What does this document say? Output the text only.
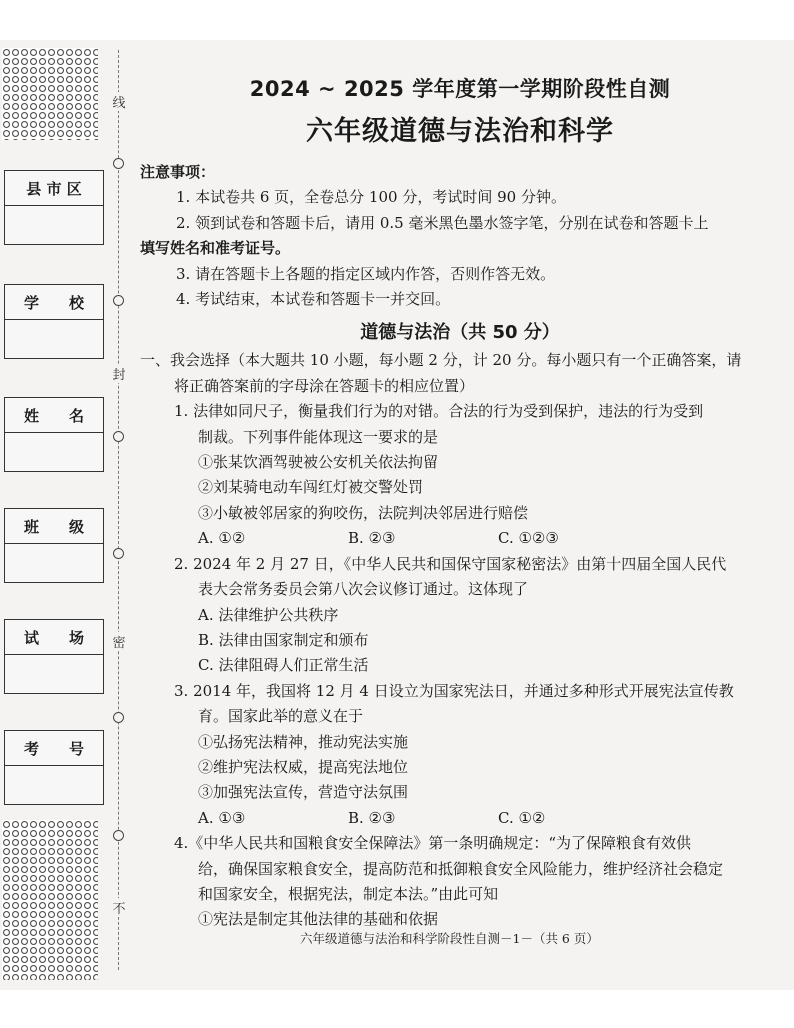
线
封
密
不
县 市 区
学　　校
姓　　名
班　　级
试　　场
考　　号
2024 ~ 2025 学年度第一学期阶段性自测
六年级道德与法治和科学
注意事项：
1. 本试卷共 6 页，全卷总分 100 分，考试时间 90 分钟。
2. 领到试卷和答题卡后，请用 0.5 毫米黑色墨水签字笔，分别在试卷和答题卡上
填写姓名和准考证号。
3. 请在答题卡上各题的指定区域内作答，否则作答无效。
4. 考试结束，本试卷和答题卡一并交回。
道德与法治（共 50 分）
一、我会选择（本大题共 10 小题，每小题 2 分，计 20 分。每小题只有一个正确答案，请
将正确答案前的字母涂在答题卡的相应位置）
1. 法律如同尺子，衡量我们行为的对错。合法的行为受到保护，违法的行为受到
制裁。下列事件能体现这一要求的是
①张某饮酒驾驶被公安机关依法拘留
②刘某骑电动车闯红灯被交警处罚
③小敏被邻居家的狗咬伤，法院判决邻居进行赔偿
A. ①②	B. ②③	C. ①②③
2. 2024 年 2 月 27 日，《中华人民共和国保守国家秘密法》由第十四届全国人民代
表大会常务委员会第八次会议修订通过。这体现了
A. 法律维护公共秩序
B. 法律由国家制定和颁布
C. 法律阻碍人们正常生活
3. 2014 年，我国将 12 月 4 日设立为国家宪法日，并通过多种形式开展宪法宣传教
育。国家此举的意义在于
①弘扬宪法精神，推动宪法实施
②维护宪法权威，提高宪法地位
③加强宪法宣传，营造守法氛围
A. ①③	B. ②③	C. ①②
4.《中华人民共和国粮食安全保障法》第一条明确规定：“为了保障粮食有效供
给，确保国家粮食安全，提高防范和抵御粮食安全风险能力，维护经济社会稳定
和国家安全，根据宪法，制定本法。”由此可知
①宪法是制定其他法律的基础和依据
六年级道德与法治和科学阶段性自测－1－（共 6 页）
